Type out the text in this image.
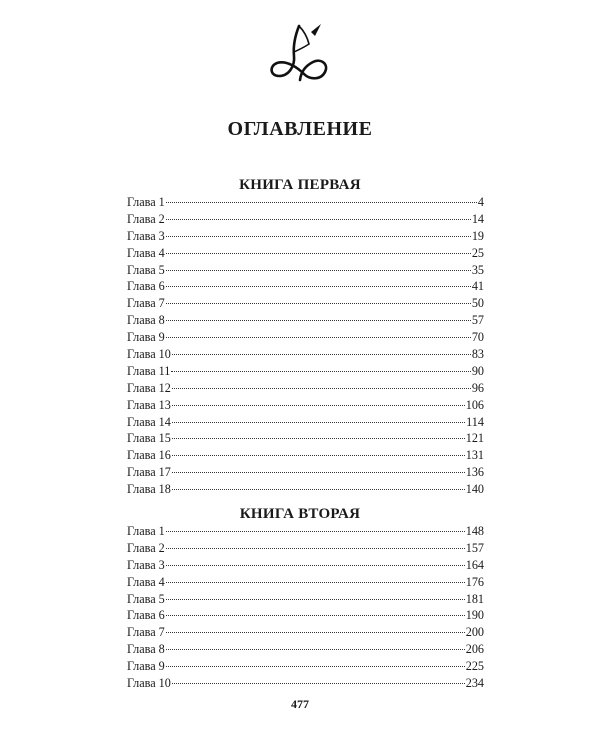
ОГЛАВЛЕНИЕ
КНИГА ПЕРВАЯ
Глава 1	4
Глава 2	14
Глава 3	19
Глава 4	25
Глава 5	35
Глава 6	41
Глава 7	50
Глава 8	57
Глава 9	70
Глава 10	83
Глава 11	90
Глава 12	96
Глава 13	106
Глава 14	114
Глава 15	121
Глава 16	131
Глава 17	136
Глава 18	140
КНИГА ВТОРАЯ
Глава 1	148
Глава 2	157
Глава 3	164
Глава 4	176
Глава 5	181
Глава 6	190
Глава 7	200
Глава 8	206
Глава 9	225
Глава 10	234
477
